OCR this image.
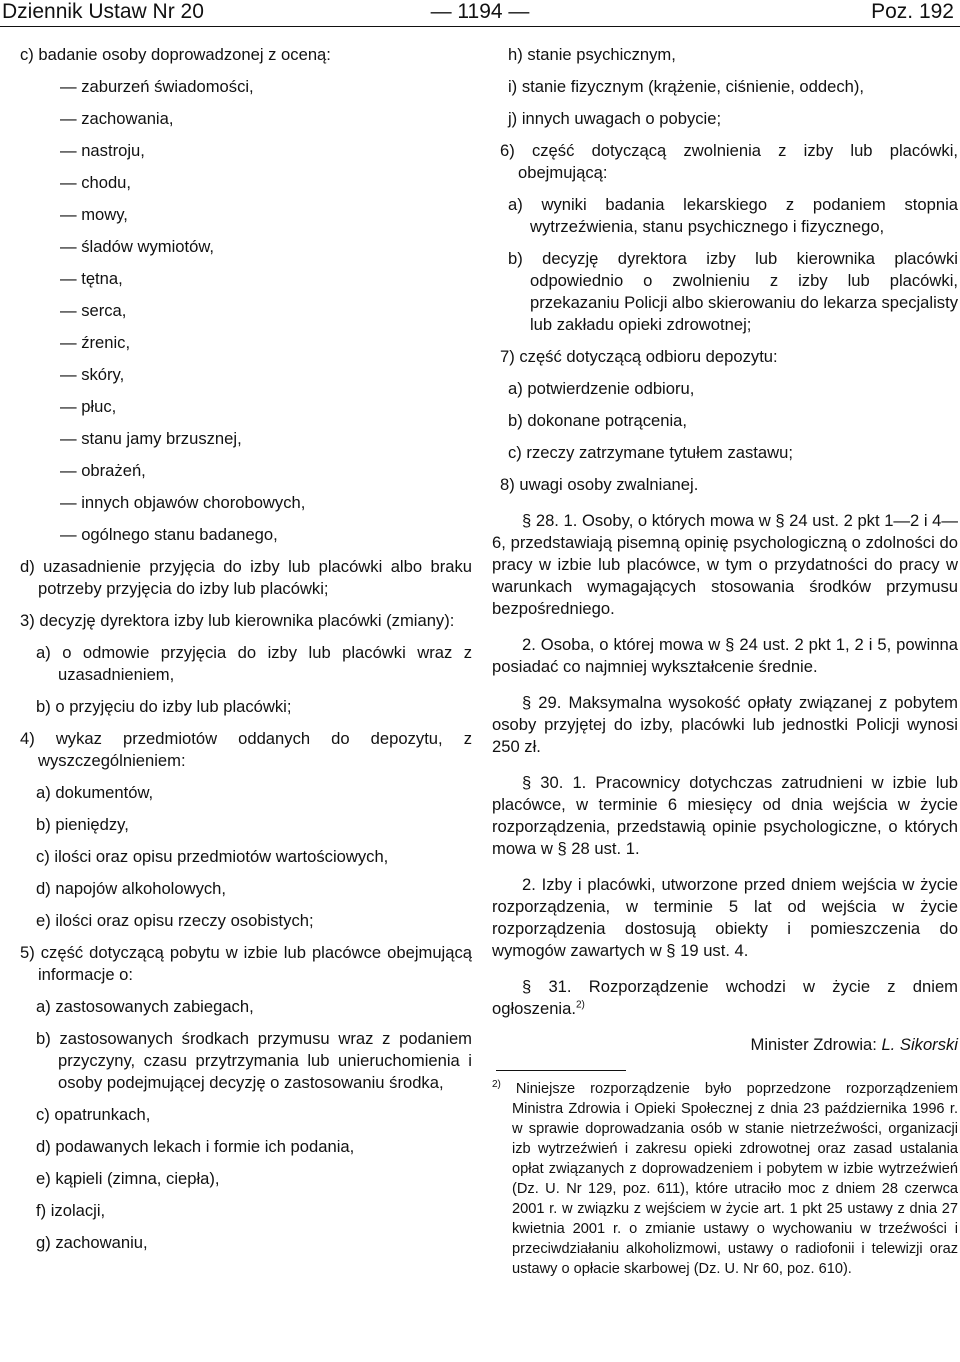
Dziennik Ustaw Nr 20	— 1194 —	Poz. 192

c) badanie osoby doprowadzonej z oceną:

— zaburzeń świadomości,

— zachowania,

— nastroju,

— chodu,

— mowy,

— śladów wymiotów,

— tętna,

— serca,

— źrenic,

— skóry,

— płuc,

— stanu jamy brzusznej,

— obrażeń,

— innych objawów chorobowych,

— ogólnego stanu badanego,

d) uzasadnienie przyjęcia do izby lub placówki albo braku potrzeby przyjęcia do izby lub placówki;

3) decyzję dyrektora izby lub kierownika placówki (zmiany):

a) o odmowie przyjęcia do izby lub placówki wraz z uzasadnieniem,

b) o przyjęciu do izby lub placówki;

4) wykaz przedmiotów oddanych do depozytu, z wyszczególnieniem:

a) dokumentów,

b) pieniędzy,

c) ilości oraz opisu przedmiotów wartościowych,

d) napojów alkoholowych,

e) ilości oraz opisu rzeczy osobistych;

5) część dotyczącą pobytu w izbie lub placówce obejmującą informacje o:

a) zastosowanych zabiegach,

b) zastosowanych środkach przymusu wraz z podaniem przyczyny, czasu przytrzymania lub unieruchomienia i osoby podejmującej decyzję o zastosowaniu środka,

c) opatrunkach,

d) podawanych lekach i formie ich podania,

e) kąpieli (zimna, ciepła),

f) izolacji,

g) zachowaniu,

h) stanie psychicznym,

i) stanie fizycznym (krążenie, ciśnienie, oddech),

j) innych uwagach o pobycie;

6) część dotyczącą zwolnienia z izby lub placówki, obejmującą:

a) wyniki badania lekarskiego z podaniem stopnia wytrzeźwienia, stanu psychicznego i fizycznego,

b) decyzję dyrektora izby lub kierownika placówki odpowiednio o zwolnieniu z izby lub placówki, przekazaniu Policji albo skierowaniu do lekarza specjalisty lub zakładu opieki zdrowotnej;

7) część dotyczącą odbioru depozytu:

a) potwierdzenie odbioru,

b) dokonane potrącenia,

c) rzeczy zatrzymane tytułem zastawu;

8) uwagi osoby zwalnianej.

§ 28. 1. Osoby, o których mowa w § 24 ust. 2 pkt 1—2 i 4—6, przedstawiają pisemną opinię psychologiczną o zdolności do pracy w izbie lub placówce, w tym o przydatności do pracy w warunkach wymagających stosowania środków przymusu bezpośredniego.

2. Osoba, o której mowa w § 24 ust. 2 pkt 1, 2 i 5, powinna posiadać co najmniej wykształcenie średnie.

§ 29. Maksymalna wysokość opłaty związanej z pobytem osoby przyjętej do izby, placówki lub jednostki Policji wynosi 250 zł.

§ 30. 1. Pracownicy dotychczas zatrudnieni w izbie lub placówce, w terminie 6 miesięcy od dnia wejścia w życie rozporządzenia, przedstawią opinie psychologiczne, o których mowa w § 28 ust. 1.

2. Izby i placówki, utworzone przed dniem wejścia w życie rozporządzenia, w terminie 5 lat od wejścia w życie rozporządzenia dostosują obiekty i pomieszczenia do wymogów zawartych w § 19 ust. 4.

§ 31. Rozporządzenie wchodzi w życie z dniem ogłoszenia.$^{2)}$

Minister Zdrowia: L. Sikorski

$^{2)}$ Niniejsze rozporządzenie było poprzedzone rozporządzeniem Ministra Zdrowia i Opieki Społecznej z dnia 23 października 1996 r. w sprawie doprowadzania osób w stanie nietrzeźwości, organizacji izb wytrzeźwień i zakresu opieki zdrowotnej oraz zasad ustalania opłat związanych z doprowadzeniem i pobytem w izbie wytrzeźwień (Dz. U. Nr 129, poz. 611), które utraciło moc z dniem 28 czerwca 2001 r. w związku z wejściem w życie art. 1 pkt 25 ustawy z dnia 27 kwietnia 2001 r. o zmianie ustawy o wychowaniu w trzeźwości i przeciwdziałaniu alkoholizmowi, ustawy o radiofonii i telewizji oraz ustawy o opłacie skarbowej (Dz. U. Nr 60, poz. 610).
